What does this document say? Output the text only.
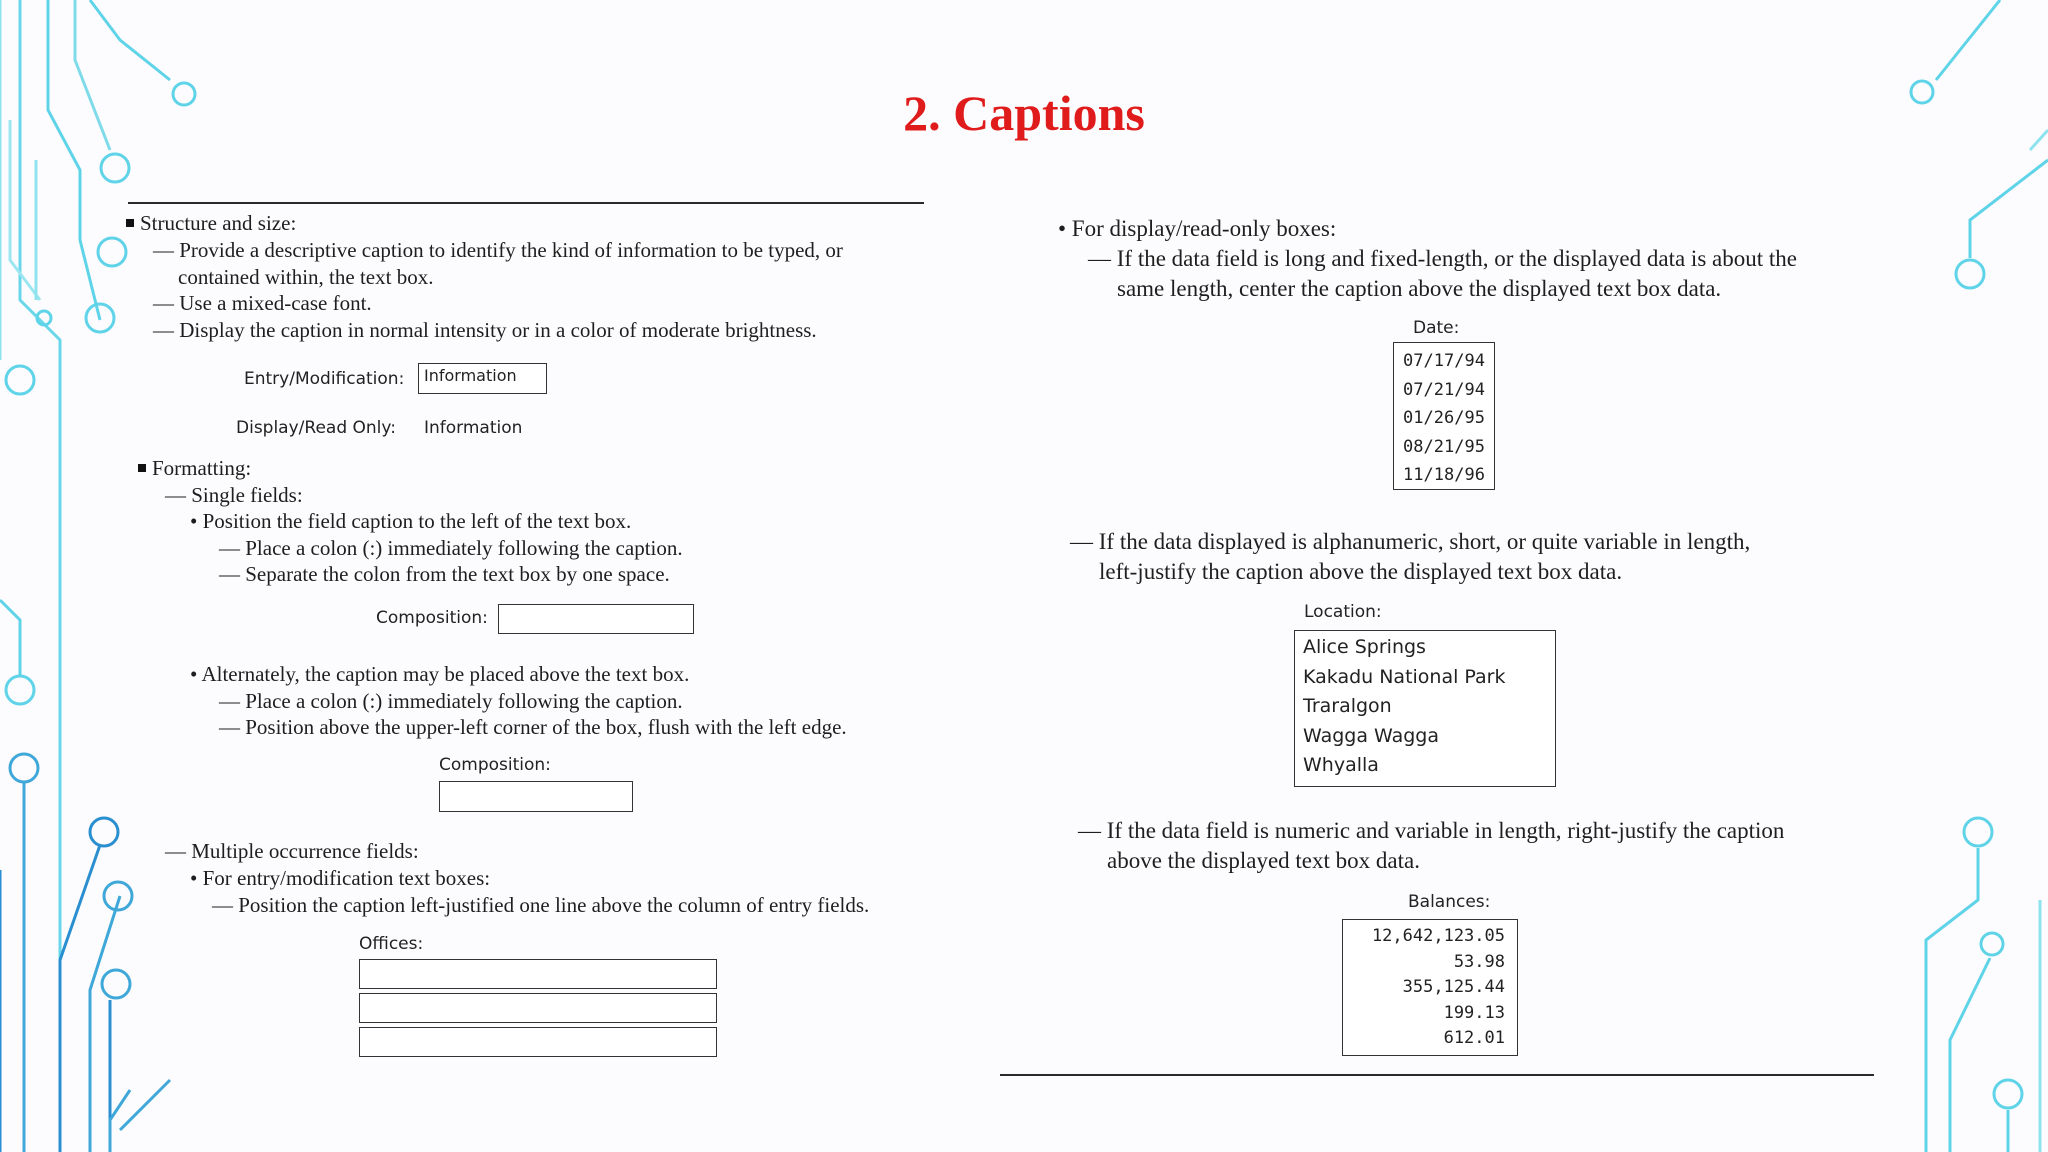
2. Captions
Structure and size:
— Provide a descriptive caption to identify the kind of information to be typed, or
contained within, the text box.
— Use a mixed-case font.
— Display the caption in normal intensity or in a color of moderate brightness.
Entry/Modification:	Information
Display/Read Only: Information
Formatting:
— Single fields:
• Position the field caption to the left of the text box.
— Place a colon (:) immediately following the caption.
— Separate the colon from the text box by one space.
Composition:
• Alternately, the caption may be placed above the text box.
— Place a colon (:) immediately following the caption.
— Position above the upper-left corner of the box, flush with the left edge.
Composition:
— Multiple occurrence fields:
• For entry/modification text boxes:
— Position the caption left-justified one line above the column of entry fields.
Offices:
• For display/read-only boxes:
— If the data field is long and fixed-length, or the displayed data is about the
same length, center the caption above the displayed text box data.
Date:
07/17/94
07/21/94
01/26/95
08/21/95
11/18/96
— If the data displayed is alphanumeric, short, or quite variable in length,
left-justify the caption above the displayed text box data.
Location:
Alice Springs
Kakadu National Park
Traralgon
Wagga Wagga
Whyalla
— If the data field is numeric and variable in length, right-justify the caption
above the displayed text box data.
Balances:
12,642,123.05
53.98
355,125.44
199.13
612.01
